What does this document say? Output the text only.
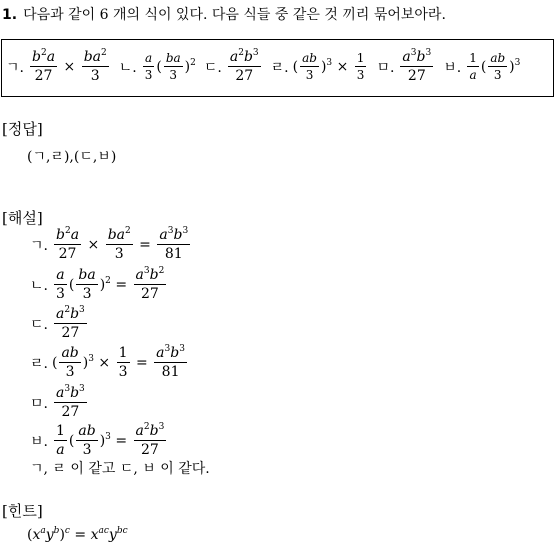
1. 다음과 같이 6 개의 식이 있다. 다음 식들 중 같은 것 끼리 묶어보아라.
ㄱ. $\frac{b^2a}{27} \times \frac{ba^2}{3}$ ㄴ. $\frac{a}{3}$ ( $\frac{ba}{3} )^2$ ㄷ. $\frac{a^2b^3}{27}$ ㄹ. ( $\frac{ab}{3} )^3 \times \frac{1}{3}$ ㅁ. $\frac{a^3b^3}{27}$ ㅂ. $\frac{1}{a}$ ( $\frac{ab}{3} )^3$
[정답]
(ㄱ,ㄹ),(ㄷ,ㅂ)
[해설]
ㄱ. $\frac{b^2a}{27} \times \frac{ba^2}{3} = \frac{a^3b^3}{81}$
ㄴ. $\frac{a}{3}$ ( $\frac{ba}{3} )^2 = \frac{a^3b^2}{27}$
ㄷ. $\frac{a^2b^3}{27}$
ㄹ. ( $\frac{ab}{3} )^3 \times \frac{1}{3} = \frac{a^3b^3}{81}$
ㅁ. $\frac{a^3b^3}{27}$
ㅂ. $\frac{1}{a}$ ( $\frac{ab}{3} )^3 = \frac{a^2b^3}{27}$
ㄱ, ㄹ 이 같고 ㄷ, ㅂ 이 같다.
[힌트]
$(x^ay^b)^c = x^{ac}y^{bc}$
